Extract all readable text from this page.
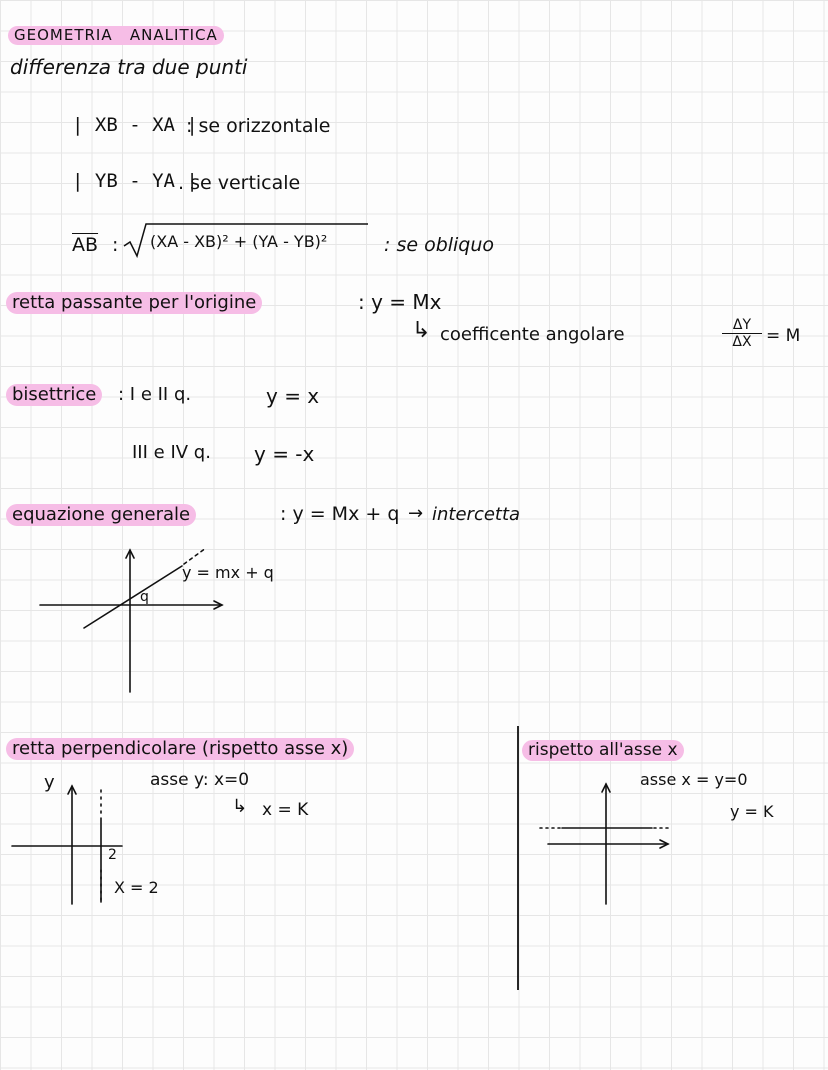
GEOMETRIA ANALITICA
differenza tra due punti
| XB - XA |
: se orizzontale
| YB - YA |
. se verticale
$\overline{AB}$ : (XA - XB)² + (YA - YB)²	: se obliquo
retta passante per l'origine	: y = Mx
↳ coefficente angolare	ΔY
ΔX = M
bisettrice	: I e II q.	y = x
III e IV q. y = -x
equazione generale	: y = Mx + q → intercetta
y = mx + q
q
retta perpendicolare (rispetto asse x)
y	asse y: x=0
↳ x = K
2
X = 2
rispetto all'asse x
asse x = y=0
y = K
